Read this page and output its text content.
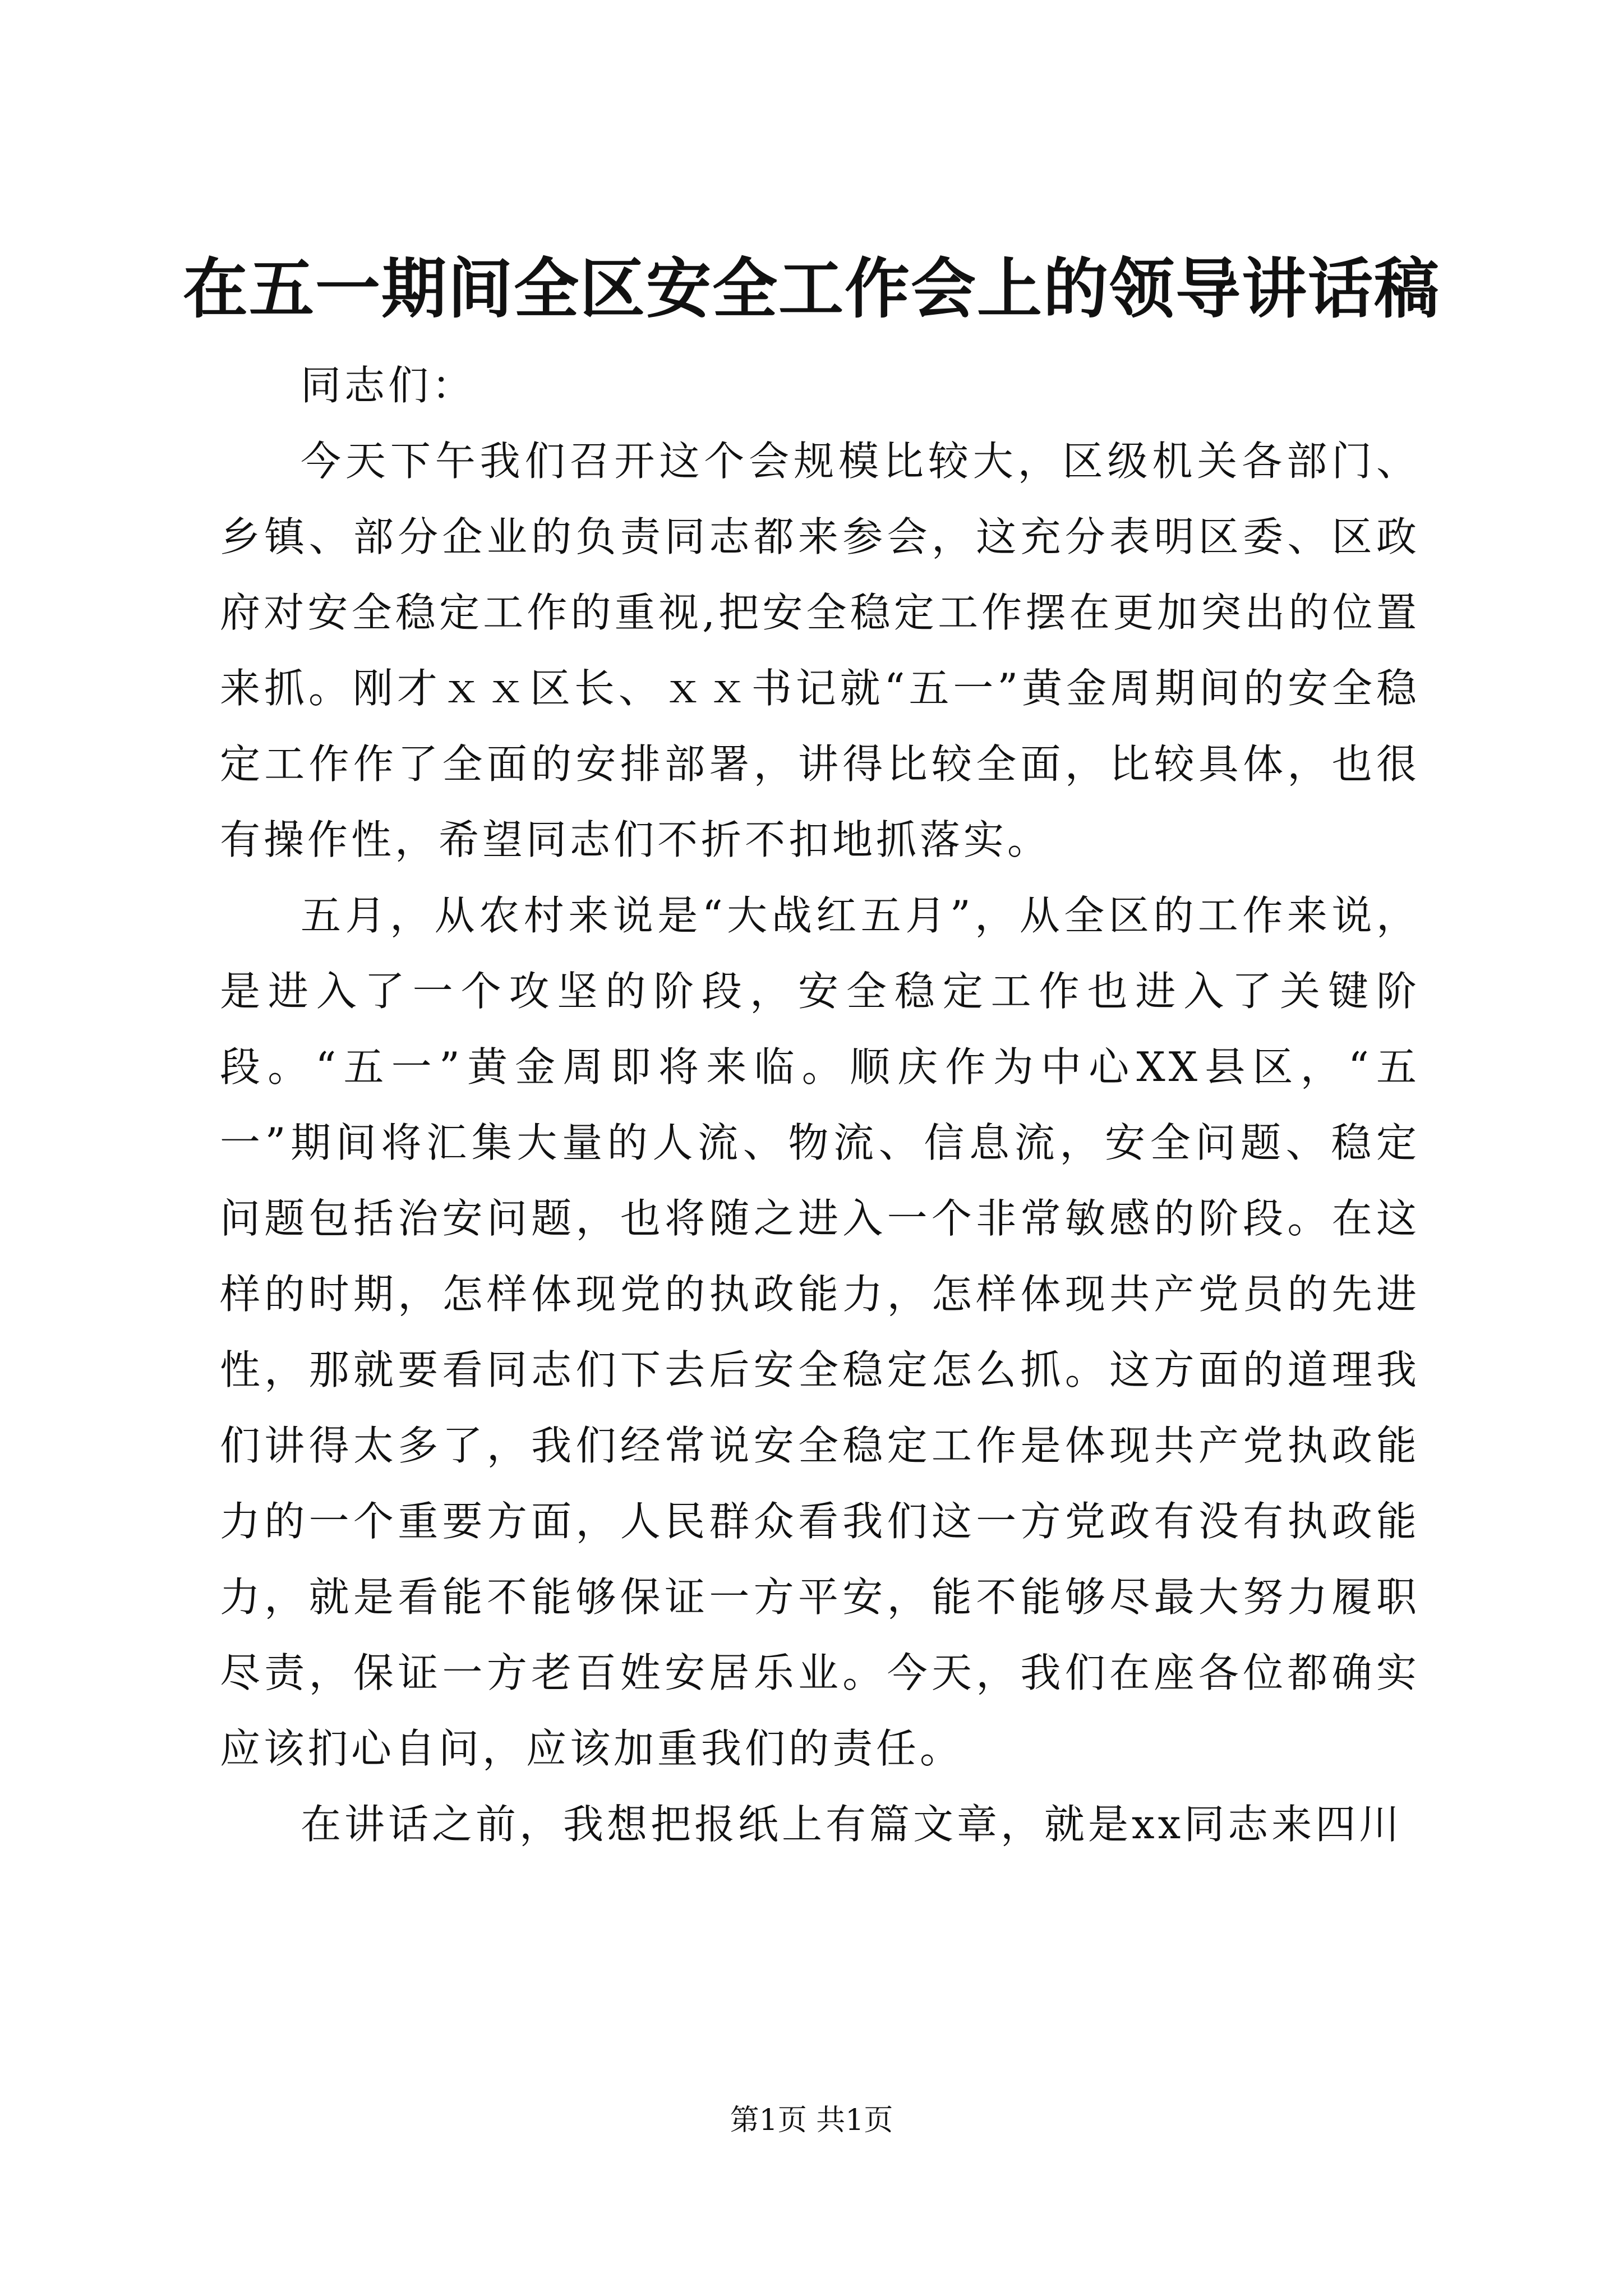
在五一期间全区安全工作会上的领导讲话稿

同志们：

今天下午我们召开这个会规模比较大，区级机关各部门、乡镇、部分企业的负责同志都来参会，这充分表明区委、区政府对安全稳定工作的重视,把安全稳定工作摆在更加突出的位置来抓。刚才ｘｘ区长、ｘｘ书记就“五一”黄金周期间的安全稳定工作作了全面的安排部署，讲得比较全面，比较具体，也很有操作性，希望同志们不折不扣地抓落实。

五月，从农村来说是“大战红五月”，从全区的工作来说，是进入了一个攻坚的阶段，安全稳定工作也进入了关键阶段。“五一”黄金周即将来临。顺庆作为中心XX县区，“五一”期间将汇集大量的人流、物流、信息流，安全问题、稳定问题包括治安问题，也将随之进入一个非常敏感的阶段。在这样的时期，怎样体现党的执政能力，怎样体现共产党员的先进性，那就要看同志们下去后安全稳定怎么抓。这方面的道理我们讲得太多了，我们经常说安全稳定工作是体现共产党执政能力的一个重要方面，人民群众看我们这一方党政有没有执政能力，就是看能不能够保证一方平安，能不能够尽最大努力履职尽责，保证一方老百姓安居乐业。今天，我们在座各位都确实应该扪心自问，应该加重我们的责任。

在讲话之前，我想把报纸上有篇文章，就是xx同志来四川

第1页 共1页
